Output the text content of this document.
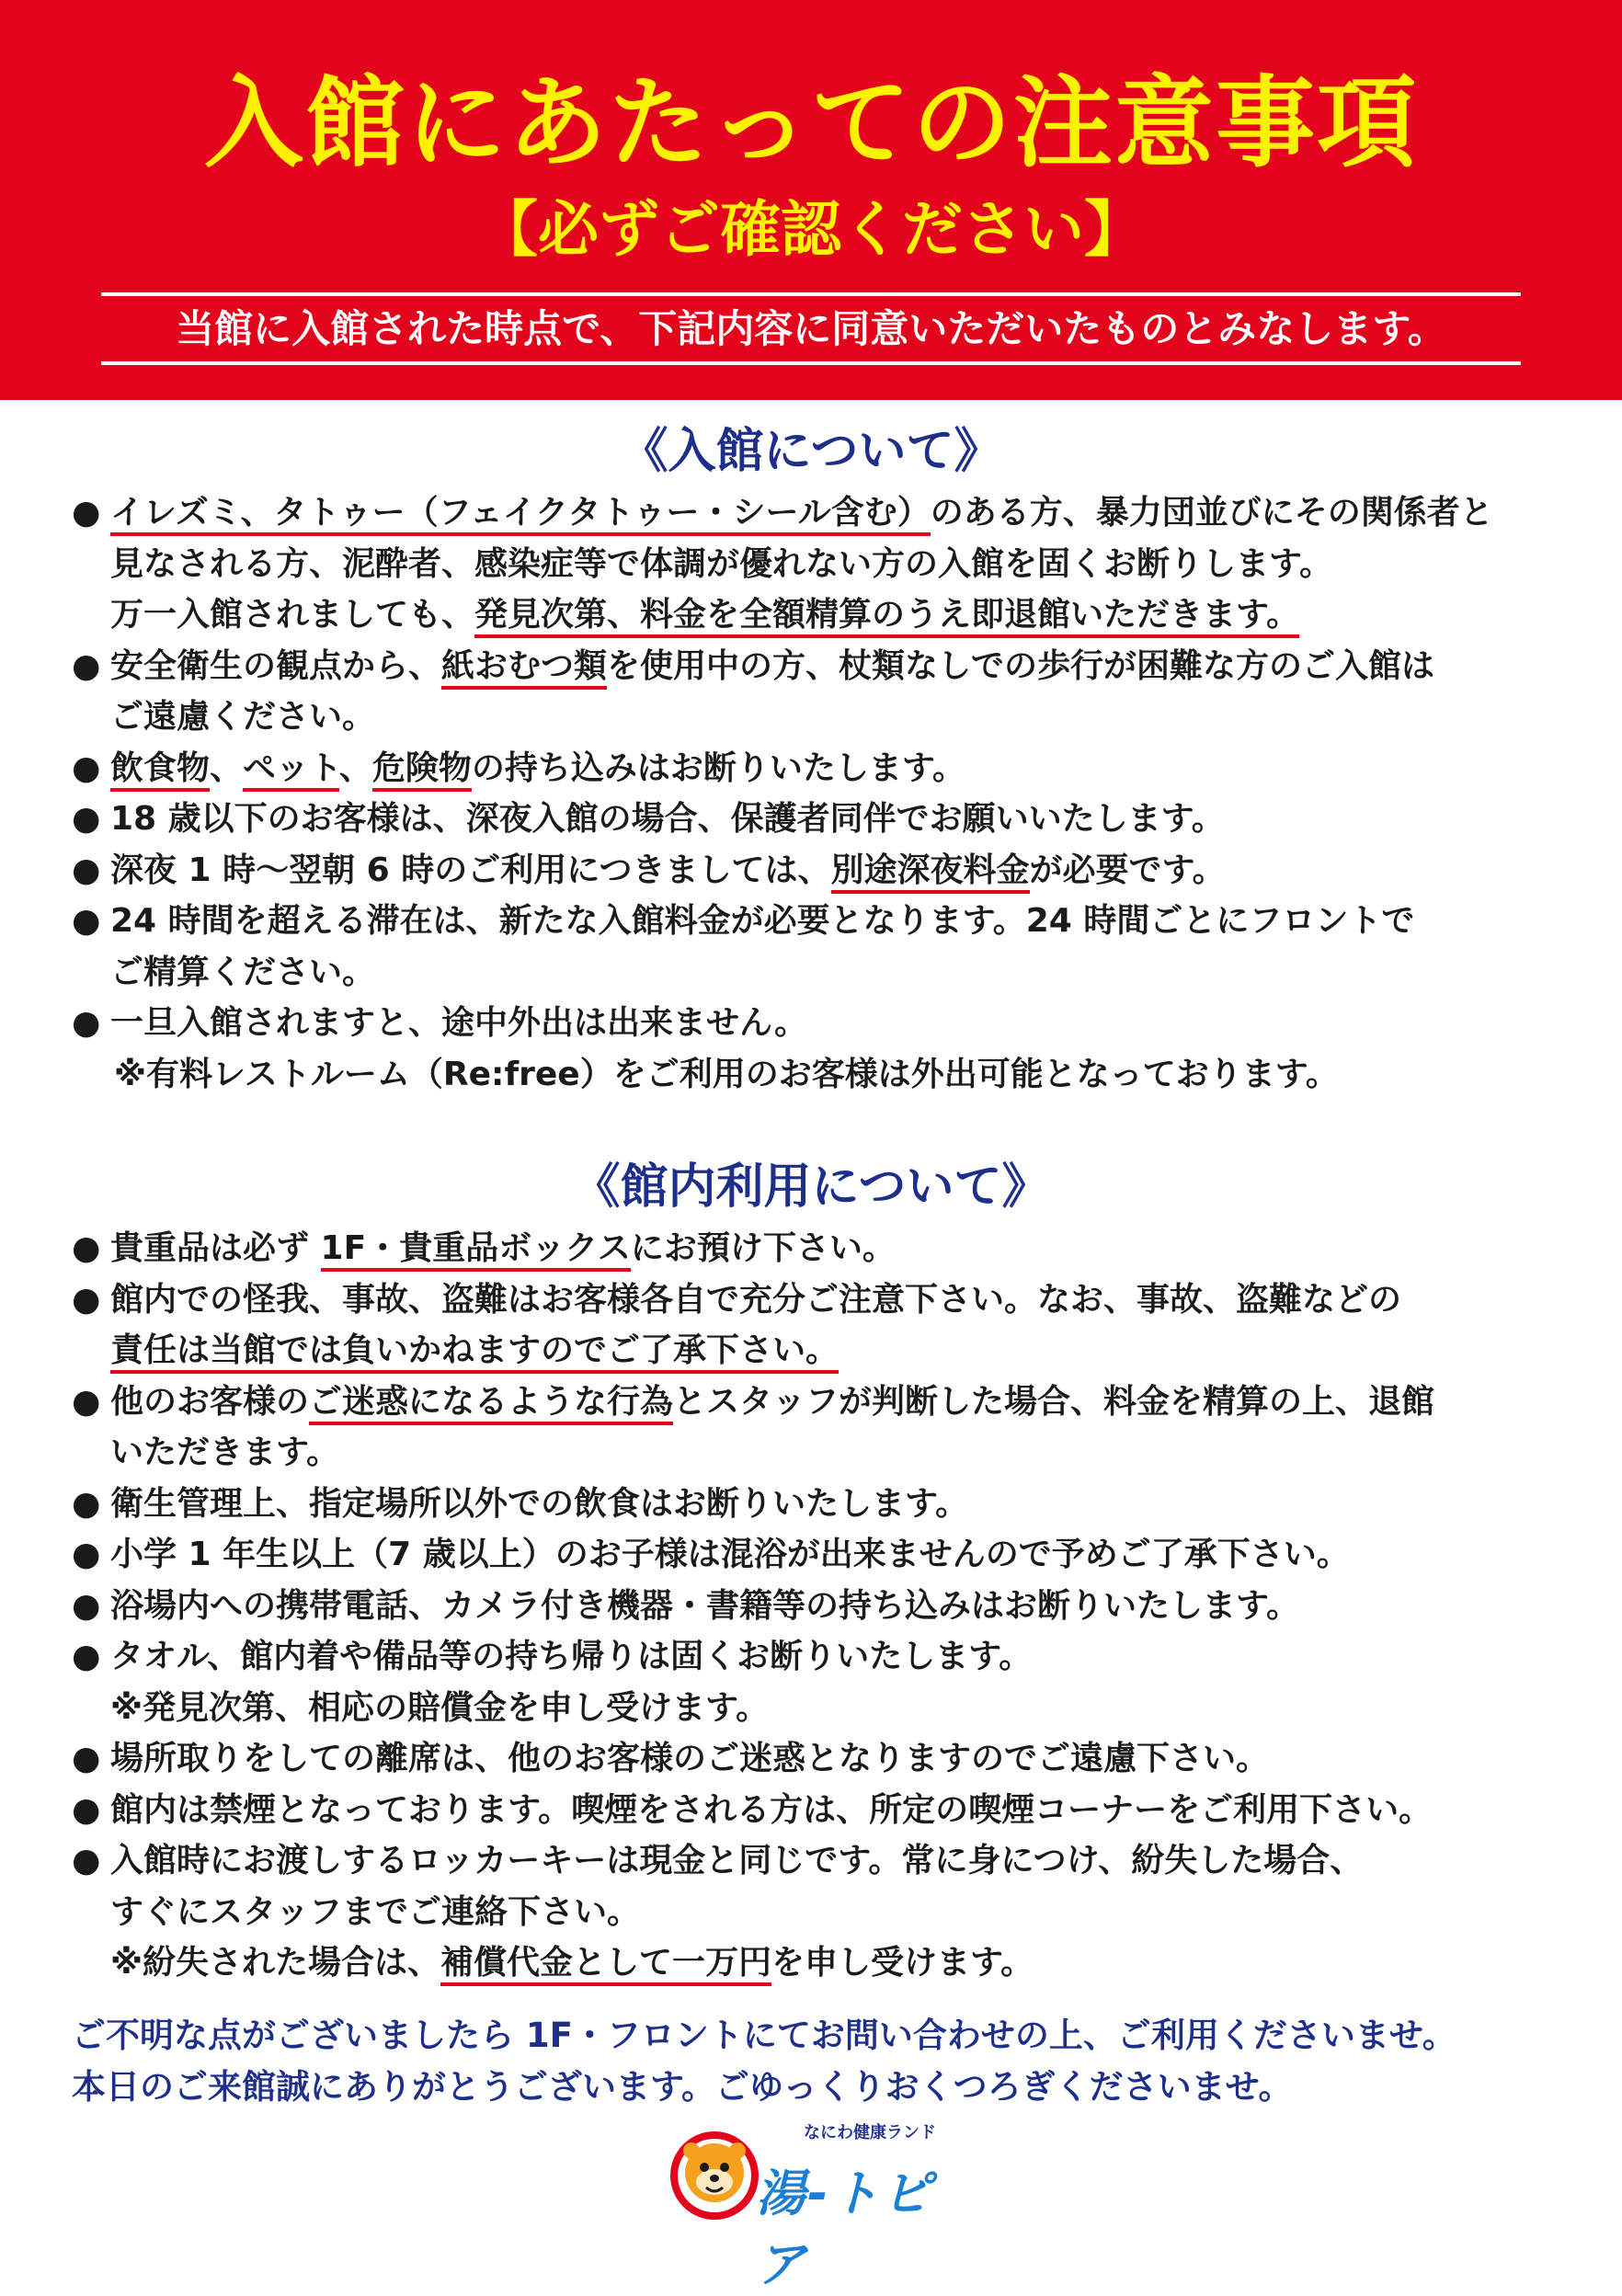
入館にあたっての注意事項
【必ずご確認ください】
当館に入館された時点で、下記内容に同意いただいたものとみなします。
《入館について》
● イレズミ、タトゥー（フェイクタトゥー・シール含む）のある方、暴力団並びにその関係者と
見なされる方、泥酔者、感染症等で体調が優れない方の入館を固くお断りします。
万一入館されましても、発見次第、料金を全額精算のうえ即退館いただきます。
● 安全衛生の観点から、紙おむつ類を使用中の方、杖類なしでの歩行が困難な方のご入館は
ご遠慮ください。
● 飲食物、ペット、危険物の持ち込みはお断りいたします。
● 18 歳以下のお客様は、深夜入館の場合、保護者同伴でお願いいたします。
● 深夜 1 時～翌朝 6 時のご利用につきましては、別途深夜料金が必要です。
● 24 時間を超える滞在は、新たな入館料金が必要となります。24 時間ごとにフロントで
ご精算ください。
● 一旦入館されますと、途中外出は出来ません。
※有料レストルーム（Re:free）をご利用のお客様は外出可能となっております。
《館内利用について》
● 貴重品は必ず 1F・貴重品ボックスにお預け下さい。
● 館内での怪我、事故、盗難はお客様各自で充分ご注意下さい。なお、事故、盗難などの
責任は当館では負いかねますのでご了承下さい。
● 他のお客様のご迷惑になるような行為とスタッフが判断した場合、料金を精算の上、退館
いただきます。
● 衛生管理上、指定場所以外での飲食はお断りいたします。
● 小学 1 年生以上（7 歳以上）のお子様は混浴が出来ませんので予めご了承下さい。
● 浴場内への携帯電話、カメラ付き機器・書籍等の持ち込みはお断りいたします。
● タオル、館内着や備品等の持ち帰りは固くお断りいたします。
※発見次第、相応の賠償金を申し受けます。
● 場所取りをしての離席は、他のお客様のご迷惑となりますのでご遠慮下さい。
● 館内は禁煙となっております。喫煙をされる方は、所定の喫煙コーナーをご利用下さい。
● 入館時にお渡しするロッカーキーは現金と同じです。常に身につけ、紛失した場合、
すぐにスタッフまでご連絡下さい。
※紛失された場合は、補償代金として一万円を申し受けます。
ご不明な点がございましたら 1F・フロントにてお問い合わせの上、ご利用くださいませ。
本日のご来館誠にありがとうございます。ごゆっくりおくつろぎくださいませ。
なにわ健康ランド
湯-トピア
